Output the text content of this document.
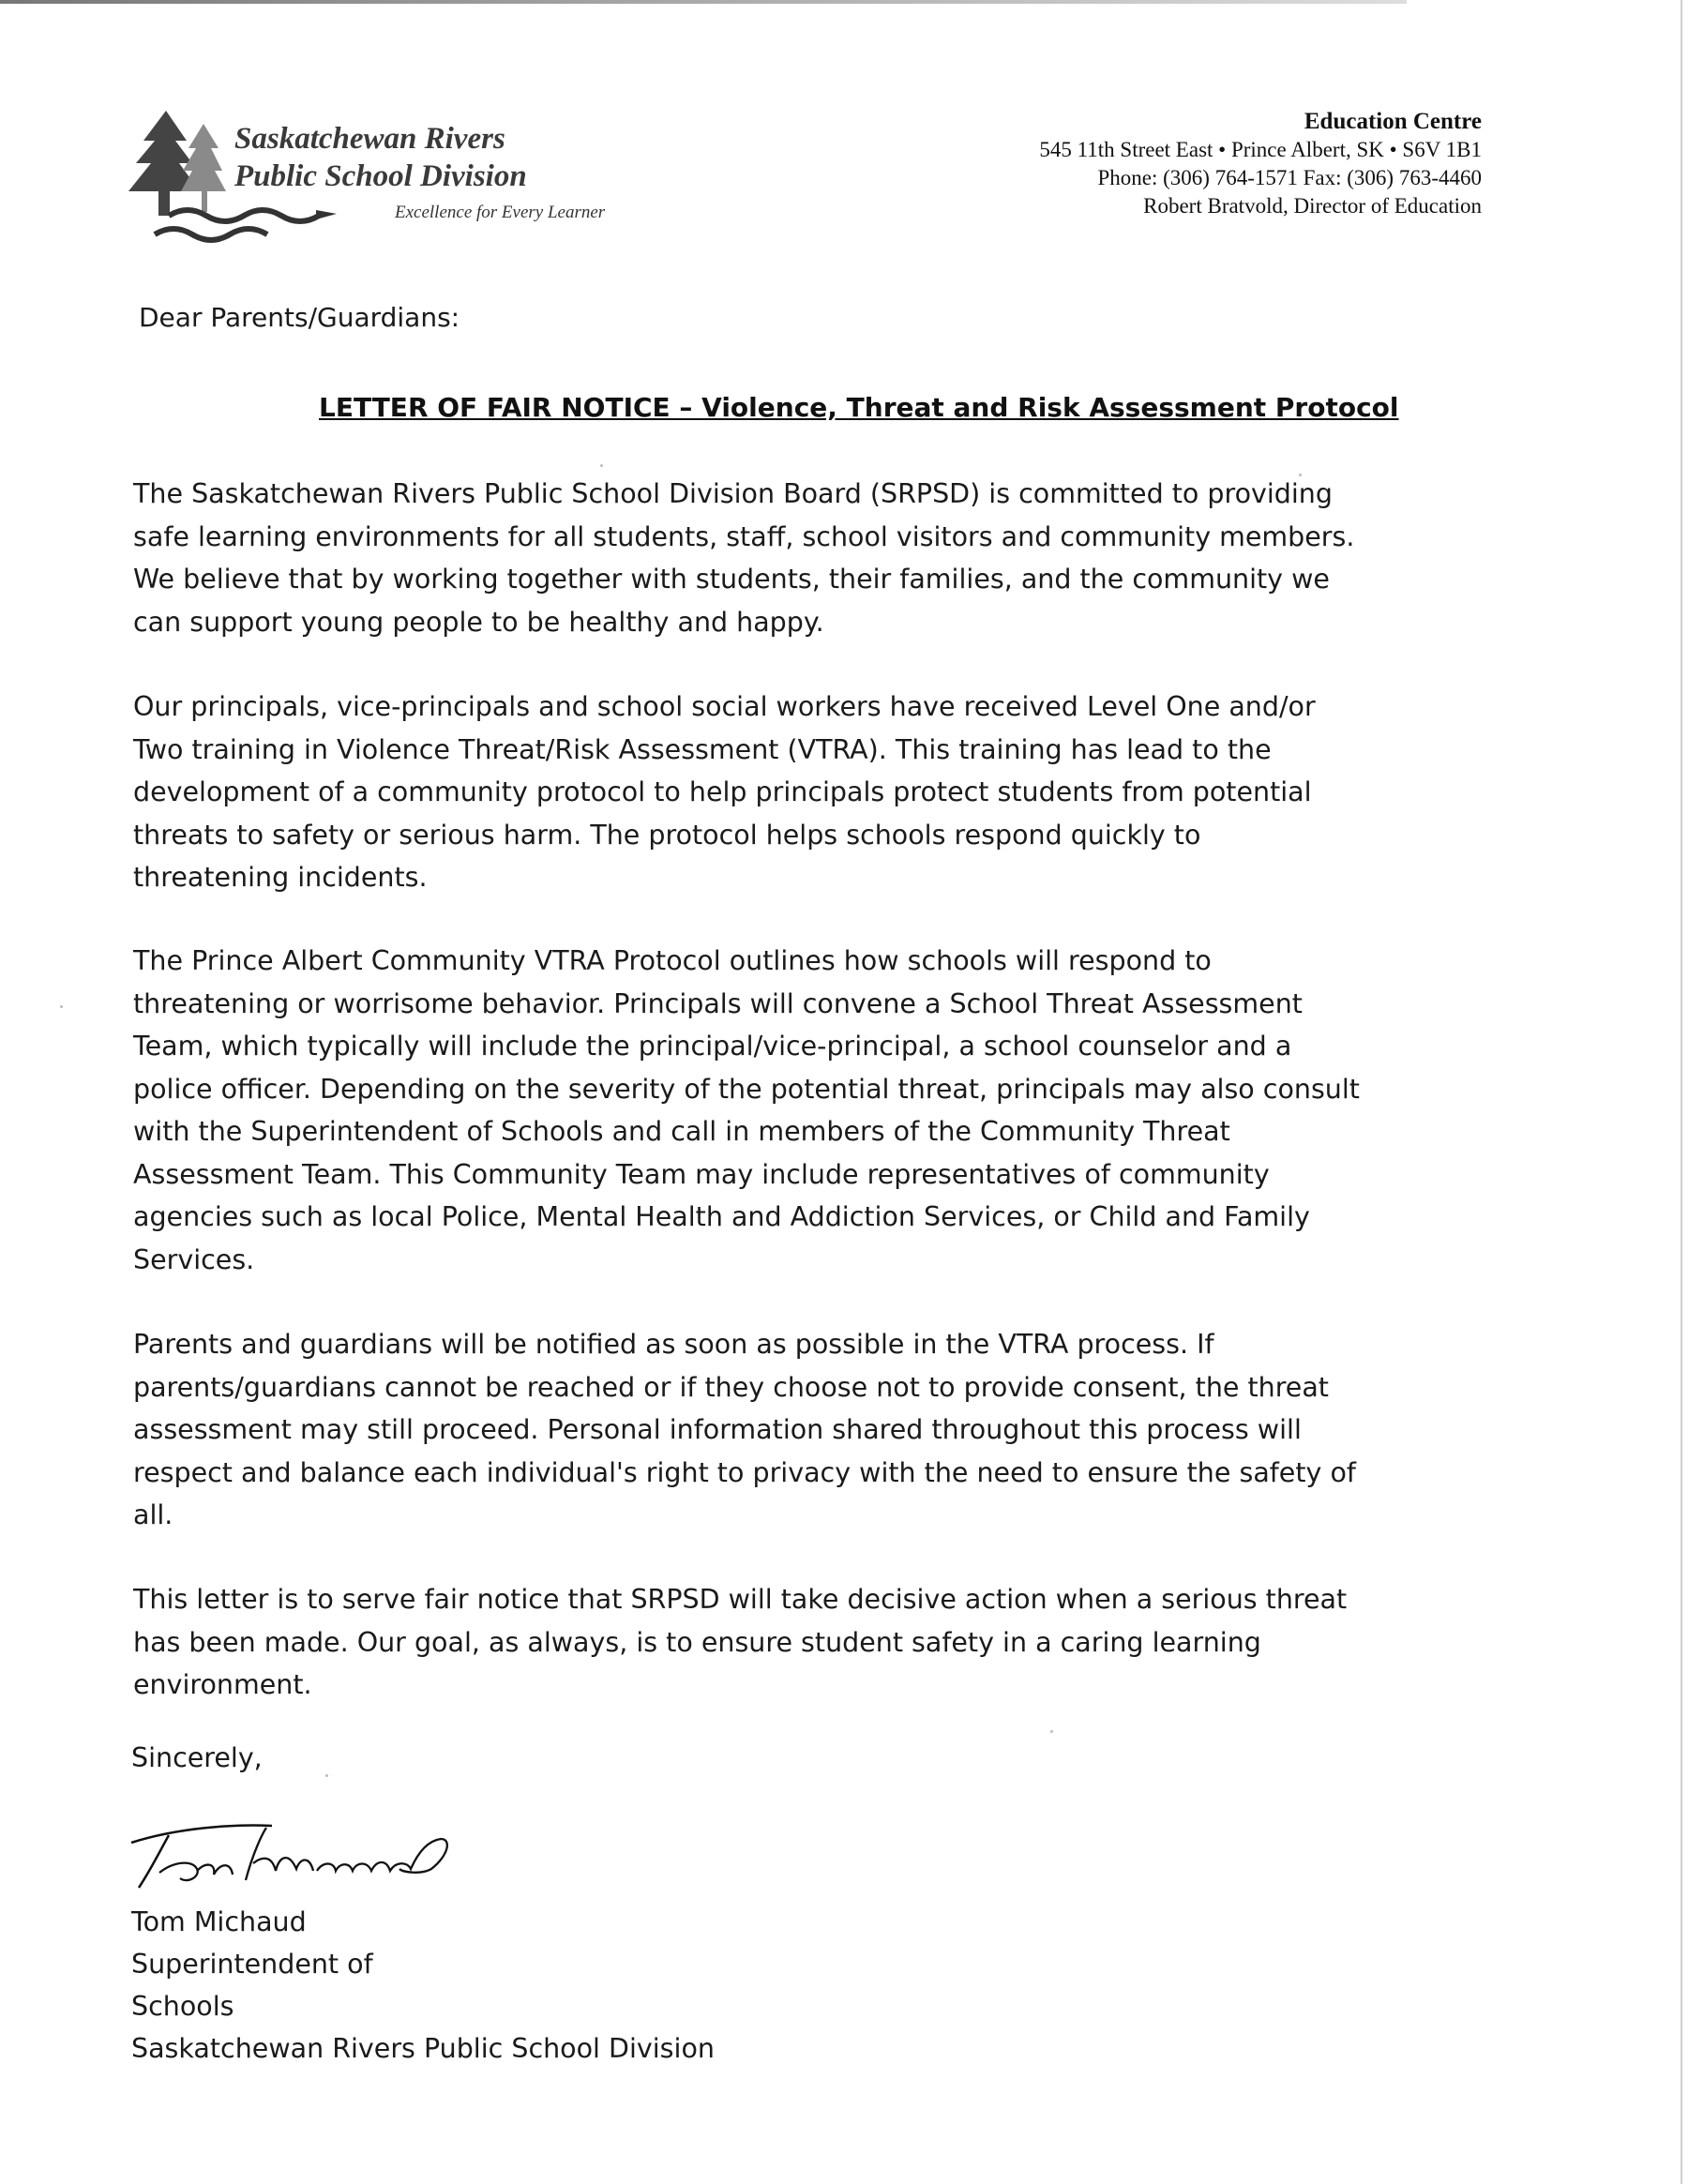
Saskatchewan Rivers
Public School Division
Excellence for Every Learner
Education Centre
545 11th Street East • Prince Albert, SK • S6V 1B1
Phone: (306) 764-1571 Fax: (306) 763-4460
Robert Bratvold, Director of Education
Dear Parents/Guardians:
LETTER OF FAIR NOTICE – Violence, Threat and Risk Assessment Protocol

The Saskatchewan Rivers Public School Division Board (SRPSD) is committed to providing safe learning environments for all students, staff, school visitors and community members. We believe that by working together with students, their families, and the community we can support young people to be healthy and happy.

Our principals, vice-principals and school social workers have received Level One and/or Two training in Violence Threat/Risk Assessment (VTRA). This training has lead to the development of a community protocol to help principals protect students from potential threats to safety or serious harm. The protocol helps schools respond quickly to threatening incidents.

The Prince Albert Community VTRA Protocol outlines how schools will respond to threatening or worrisome behavior. Principals will convene a School Threat Assessment Team, which typically will include the principal/vice-principal, a school counselor and a police officer. Depending on the severity of the potential threat, principals may also consult with the Superintendent of Schools and call in members of the Community Threat Assessment Team. This Community Team may include representatives of community agencies such as local Police, Mental Health and Addiction Services, or Child and Family Services.

Parents and guardians will be notified as soon as possible in the VTRA process. If parents/guardians cannot be reached or if they choose not to provide consent, the threat assessment may still proceed. Personal information shared throughout this process will respect and balance each individual's right to privacy with the need to ensure the safety of all.

This letter is to serve fair notice that SRPSD will take decisive action when a serious threat has been made. Our goal, as always, is to ensure student safety in a caring learning environment.

Sincerely,
Tom Michaud
Superintendent of
Schools
Saskatchewan Rivers Public School Division
